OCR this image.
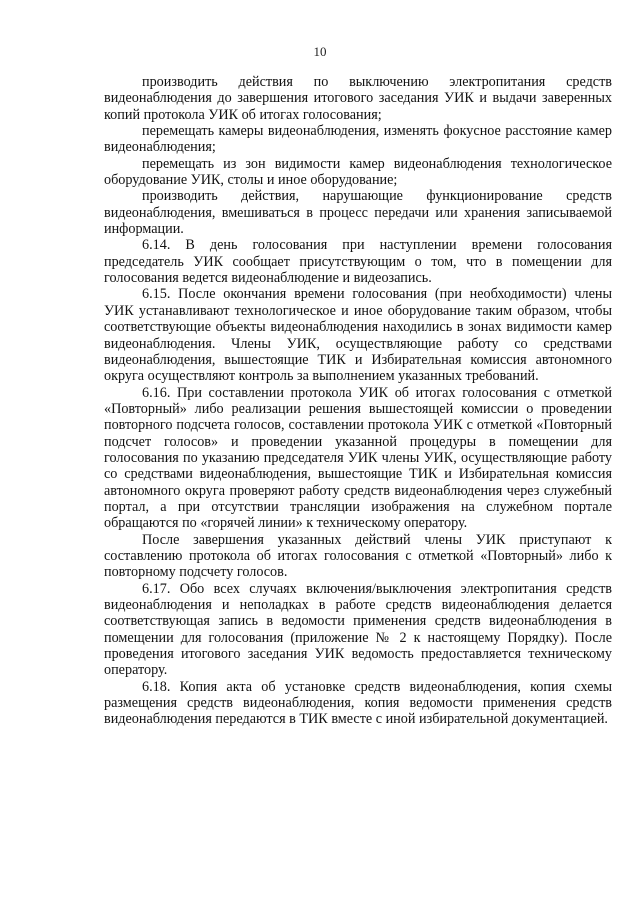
10

производить действия по выключению электропитания средств видеонаблюдения до завершения итогового заседания УИК и выдачи заверенных копий протокола УИК об итогах голосования;

перемещать камеры видеонаблюдения, изменять фокусное расстояние камер видеонаблюдения;

перемещать из зон видимости камер видеонаблюдения технологическое оборудование УИК, столы и иное оборудование;

производить действия, нарушающие функционирование средств видеонаблюдения, вмешиваться в процесс передачи или хранения записываемой информации.

6.14. В день голосования при наступлении времени голосования председатель УИК сообщает присутствующим о том, что в помещении для голосования ведется видеонаблюдение и видеозапись.

6.15. После окончания времени голосования (при необходимости) члены УИК устанавливают технологическое и иное оборудование таким образом, чтобы соответствующие объекты видеонаблюдения находились в зонах видимости камер видеонаблюдения. Члены УИК, осуществляющие работу со средствами видеонаблюдения, вышестоящие ТИК и Избирательная комиссия автономного округа осуществляют контроль за выполнением указанных требований.

6.16. При составлении протокола УИК об итогах голосования с отметкой «Повторный» либо реализации решения вышестоящей комиссии о проведении повторного подсчета голосов, составлении протокола УИК с отметкой «Повторный подсчет голосов» и проведении указанной процедуры в помещении для голосования по указанию председателя УИК члены УИК, осуществляющие работу со средствами видеонаблюдения, вышестоящие ТИК и Избирательная комиссия автономного округа проверяют работу средств видеонаблюдения через служебный портал, а при отсутствии трансляции изображения на служебном портале обращаются по «горячей линии» к техническому оператору.

После завершения указанных действий члены УИК приступают к составлению протокола об итогах голосования с отметкой «Повторный» либо к повторному подсчету голосов.

6.17. Обо всех случаях включения/выключения электропитания средств видеонаблюдения и неполадках в работе средств видеонаблюдения делается соответствующая запись в ведомости применения средств видеонаблюдения в помещении для голосования (приложение № 2 к настоящему Порядку). После проведения итогового заседания УИК ведомость предоставляется техническому оператору.

6.18. Копия акта об установке средств видеонаблюдения, копия схемы размещения средств видеонаблюдения, копия ведомости применения средств видеонаблюдения передаются в ТИК вместе с иной избирательной документацией.
